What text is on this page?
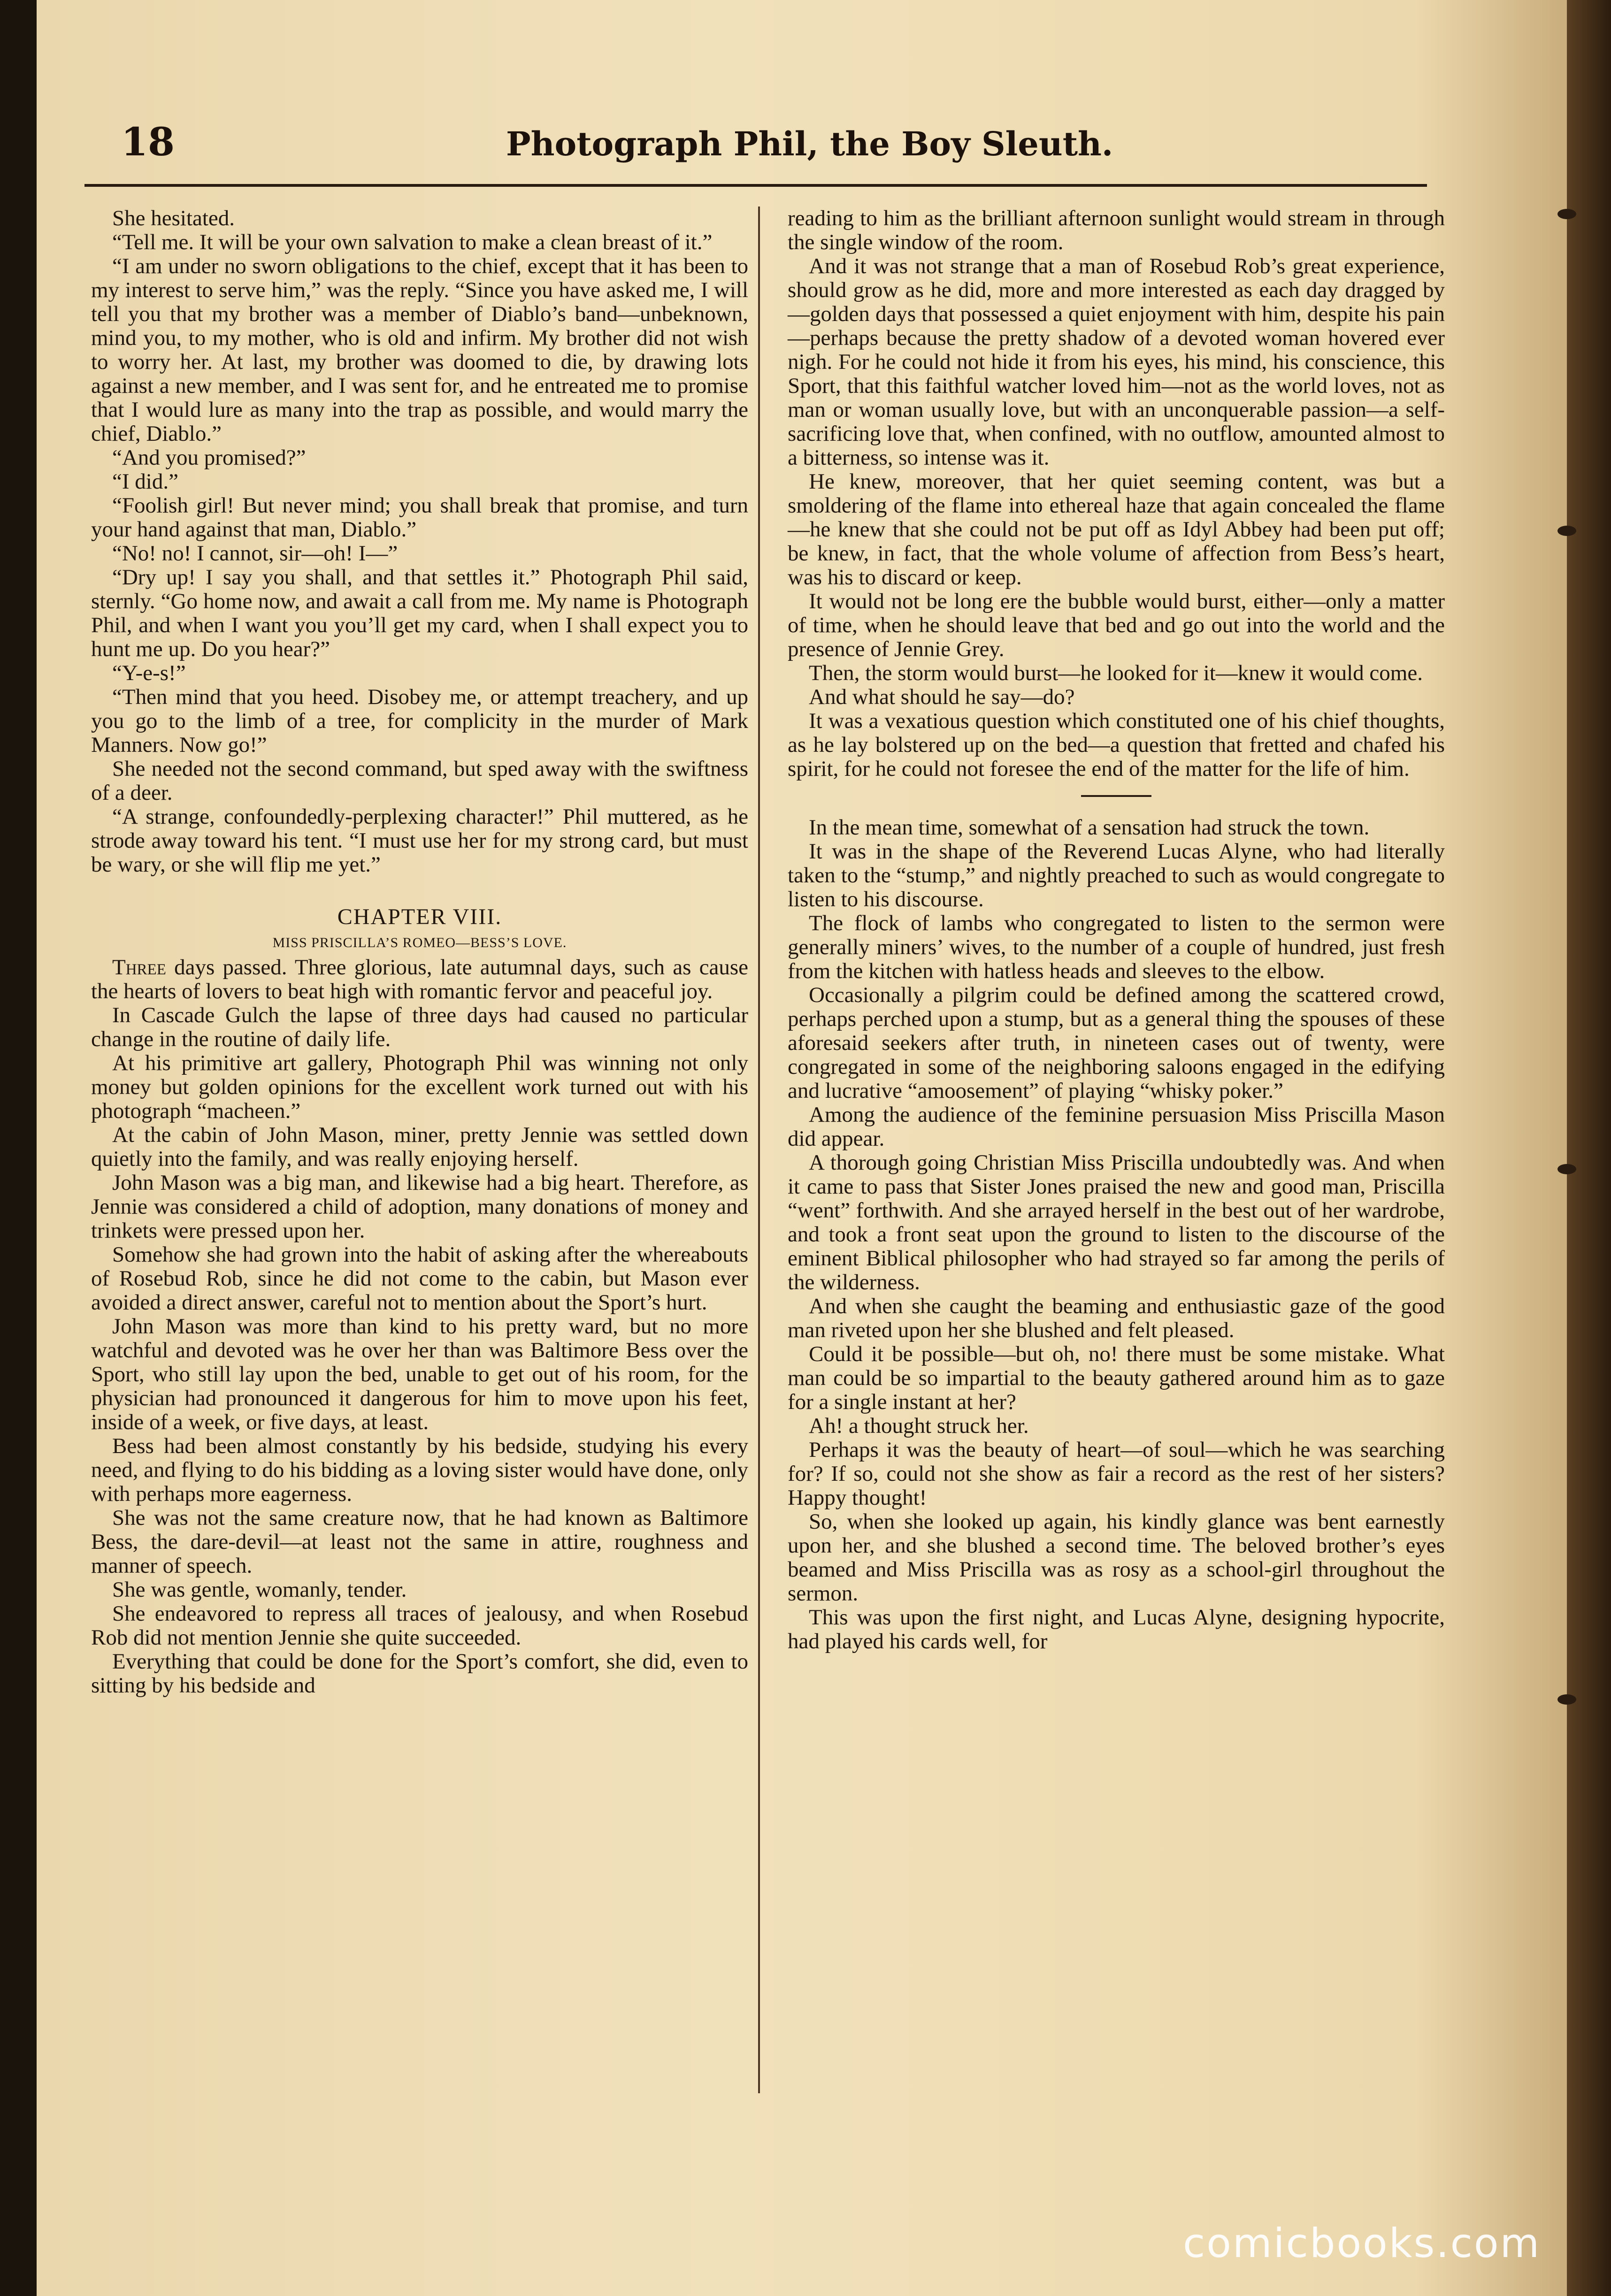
18	Photograph Phil, the Boy Sleuth.

She hesitated.

“Tell me. It will be your own salvation to make a clean breast of it.”

“I am under no sworn obligations to the chief, except that it has been to my interest to serve him,” was the reply. “Since you have asked me, I will tell you that my brother was a member of Diablo’s band—unbeknown, mind you, to my mother, who is old and infirm. My brother did not wish to worry her. At last, my brother was doomed to die, by drawing lots against a new member, and I was sent for, and he entreated me to promise that I would lure as many into the trap as possible, and would marry the chief, Diablo.”

“And you promised?”

“I did.”

“Foolish girl! But never mind; you shall break that promise, and turn your hand against that man, Diablo.”

“No! no! I cannot, sir—oh! I—”

“Dry up! I say you shall, and that settles it.” Photograph Phil said, sternly. “Go home now, and await a call from me. My name is Photograph Phil, and when I want you you’ll get my card, when I shall expect you to hunt me up. Do you hear?”

“Y-e-s!”

“Then mind that you heed. Disobey me, or attempt treachery, and up you go to the limb of a tree, for complicity in the murder of Mark Manners. Now go!”

She needed not the second command, but sped away with the swiftness of a deer.

“A strange, confoundedly-perplexing character!” Phil muttered, as he strode away toward his tent. “I must use her for my strong card, but must be wary, or she will flip me yet.”

CHAPTER VIII.
MISS PRISCILLA’S ROMEO—BESS’S LOVE.

Three days passed. Three glorious, late autumnal days, such as cause the hearts of lovers to beat high with romantic fervor and peaceful joy.

In Cascade Gulch the lapse of three days had caused no particular change in the routine of daily life.

At his primitive art gallery, Photograph Phil was winning not only money but golden opinions for the excellent work turned out with his photograph “macheen.”

At the cabin of John Mason, miner, pretty Jennie was settled down quietly into the family, and was really enjoying herself.

John Mason was a big man, and likewise had a big heart. Therefore, as Jennie was considered a child of adoption, many donations of money and trinkets were pressed upon her.

Somehow she had grown into the habit of asking after the whereabouts of Rosebud Rob, since he did not come to the cabin, but Mason ever avoided a direct answer, careful not to mention about the Sport’s hurt.

John Mason was more than kind to his pretty ward, but no more watchful and devoted was he over her than was Baltimore Bess over the Sport, who still lay upon the bed, unable to get out of his room, for the physician had pronounced it dangerous for him to move upon his feet, inside of a week, or five days, at least.

Bess had been almost constantly by his bedside, studying his every need, and flying to do his bidding as a loving sister would have done, only with perhaps more eagerness.

She was not the same creature now, that he had known as Baltimore Bess, the dare-devil—at least not the same in attire, roughness and manner of speech.

She was gentle, womanly, tender.

She endeavored to repress all traces of jealousy, and when Rosebud Rob did not mention Jennie she quite succeeded.

Everything that could be done for the Sport’s comfort, she did, even to sitting by his bedside and

reading to him as the brilliant afternoon sunlight would stream in through the single window of the room.

And it was not strange that a man of Rosebud Rob’s great experience, should grow as he did, more and more interested as each day dragged by—golden days that possessed a quiet enjoyment with him, despite his pain—perhaps because the pretty shadow of a devoted woman hovered ever nigh. For he could not hide it from his eyes, his mind, his conscience, this Sport, that this faithful watcher loved him—not as the world loves, not as man or woman usually love, but with an unconquerable passion—a self-sacrificing love that, when confined, with no outflow, amounted almost to a bitterness, so intense was it.

He knew, moreover, that her quiet seeming content, was but a smoldering of the flame into ethereal haze that again concealed the flame—he knew that she could not be put off as Idyl Abbey had been put off; be knew, in fact, that the whole volume of affection from Bess’s heart, was his to discard or keep.

It would not be long ere the bubble would burst, either—only a matter of time, when he should leave that bed and go out into the world and the presence of Jennie Grey.

Then, the storm would burst—he looked for it—knew it would come.

And what should he say—do?

It was a vexatious question which constituted one of his chief thoughts, as he lay bolstered up on the bed—a question that fretted and chafed his spirit, for he could not foresee the end of the matter for the life of him.

In the mean time, somewhat of a sensation had struck the town.

It was in the shape of the Reverend Lucas Alyne, who had literally taken to the “stump,” and nightly preached to such as would congregate to listen to his discourse.

The flock of lambs who congregated to listen to the sermon were generally miners’ wives, to the number of a couple of hundred, just fresh from the kitchen with hatless heads and sleeves to the elbow.

Occasionally a pilgrim could be defined among the scattered crowd, perhaps perched upon a stump, but as a general thing the spouses of these aforesaid seekers after truth, in nineteen cases out of twenty, were congregated in some of the neighboring saloons engaged in the edifying and lucrative “amoosement” of playing “whisky poker.”

Among the audience of the feminine persuasion Miss Priscilla Mason did appear.

A thorough going Christian Miss Priscilla undoubtedly was. And when it came to pass that Sister Jones praised the new and good man, Priscilla “went” forthwith. And she arrayed herself in the best out of her wardrobe, and took a front seat upon the ground to listen to the discourse of the eminent Biblical philosopher who had strayed so far among the perils of the wilderness.

And when she caught the beaming and enthusiastic gaze of the good man riveted upon her she blushed and felt pleased.

Could it be possible—but oh, no! there must be some mistake. What man could be so impartial to the beauty gathered around him as to gaze for a single instant at her?

Ah! a thought struck her.

Perhaps it was the beauty of heart—of soul—which he was searching for? If so, could not she show as fair a record as the rest of her sisters? Happy thought!

So, when she looked up again, his kindly glance was bent earnestly upon her, and she blushed a second time. The beloved brother’s eyes beamed and Miss Priscilla was as rosy as a school-girl throughout the sermon.

This was upon the first night, and Lucas Alyne, designing hypocrite, had played his cards well, for

comicbooks.com
